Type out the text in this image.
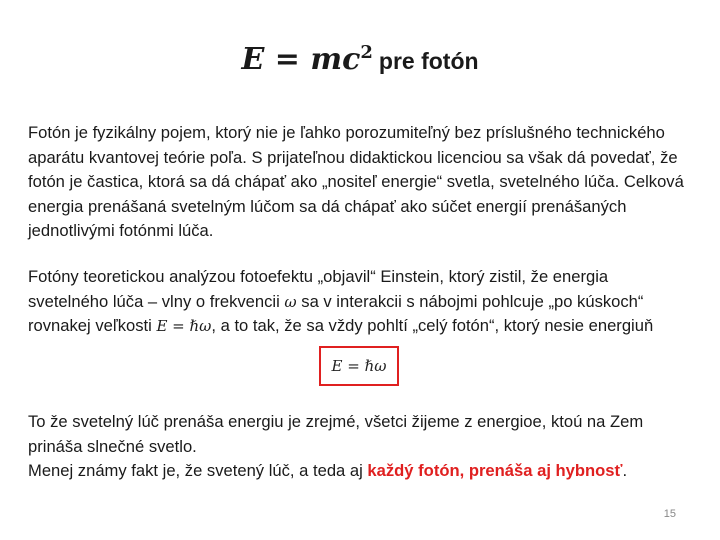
$E = mc^2$ pre fotón
Fotón je fyzikálny pojem, ktorý nie je ľahko porozumiteľný bez príslušného technického aparátu kvantovej teórie poľa. S prijateľnou didaktickou licenciou sa však dá povedať, že fotón je častica, ktorá sa dá chápať ako „nositeľ energie“ svetla, svetelného lúča. Celková energia prenášaná svetelným lúčom sa dá chápať ako súčet energií prenášaných jednotlivými fotónmi lúča.
Fotóny teoretickou analýzou fotoefektu „objavil“ Einstein, ktorý zistil, že energia svetelného lúča – vlny o frekvencii ω sa v interakcii s nábojmi pohlcuje „po kúskoch“ rovnakej veľkosti E = ℏω, a to tak, že sa vždy pohltí „celý fotón“, ktorý nesie energiuň
E = ℏω
To že svetelný lúč prenáša energiu je zrejmé, všetci žijeme z energioe, ktoú na Zem prináša slnečné svetlo.
Menej známy fakt je, že svetený lúč, a teda aj každý fotón, prenáša aj hybnosť.
15
